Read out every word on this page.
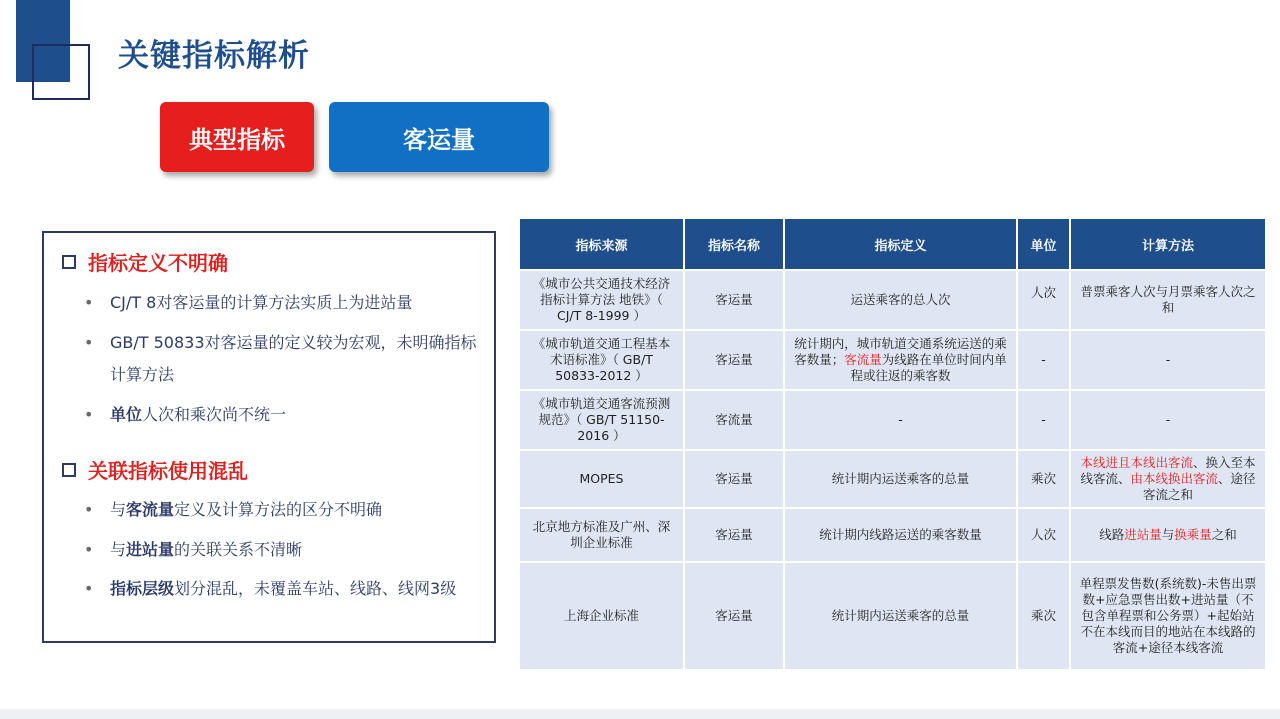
关键指标解析
典型指标	客运量
指标定义不明确
•	CJ/T 8对客运量的计算方法实质上为进站量
•	GB/T 50833对客运量的定义较为宏观，未明确指标计算方法
•	单位人次和乘次尚不统一
关联指标使用混乱
•	与客流量定义及计算方法的区分不明确
•	与进站量的关联关系不清晰
•	指标层级划分混乱，未覆盖车站、线路、线网3级
指标来源	指标名称	指标定义	单位	计算方法
《城市公共交通技术经济指标计算方法 地铁》（ CJ/T 8-1999 ）	客运量	运送乘客的总人次	人次	普票乘客人次与月票乘客人次之和
《城市轨道交通工程基本术语标准》（ GB/T 50833-2012 ）	客运量	统计期内，城市轨道交通系统运送的乘客数量；客流量为线路在单位时间内单程或往返的乘客数	-	-
《城市轨道交通客流预测规范》（ GB/T 51150-2016 ）	客流量	-	-	-
MOPES	客运量	统计期内运送乘客的总量	乘次	本线进且本线出客流、换入至本线客流、由本线换出客流、途径客流之和
北京地方标准及广州、深圳企业标准	客运量	统计期内线路运送的乘客数量	人次	线路进站量与换乘量之和
上海企业标准	客运量	统计期内运送乘客的总量	乘次	单程票发售数(系统数)-未售出票数+应急票售出数+进站量（不包含单程票和公务票）+起始站不在本线而目的地站在本线路的客流+途径本线客流
